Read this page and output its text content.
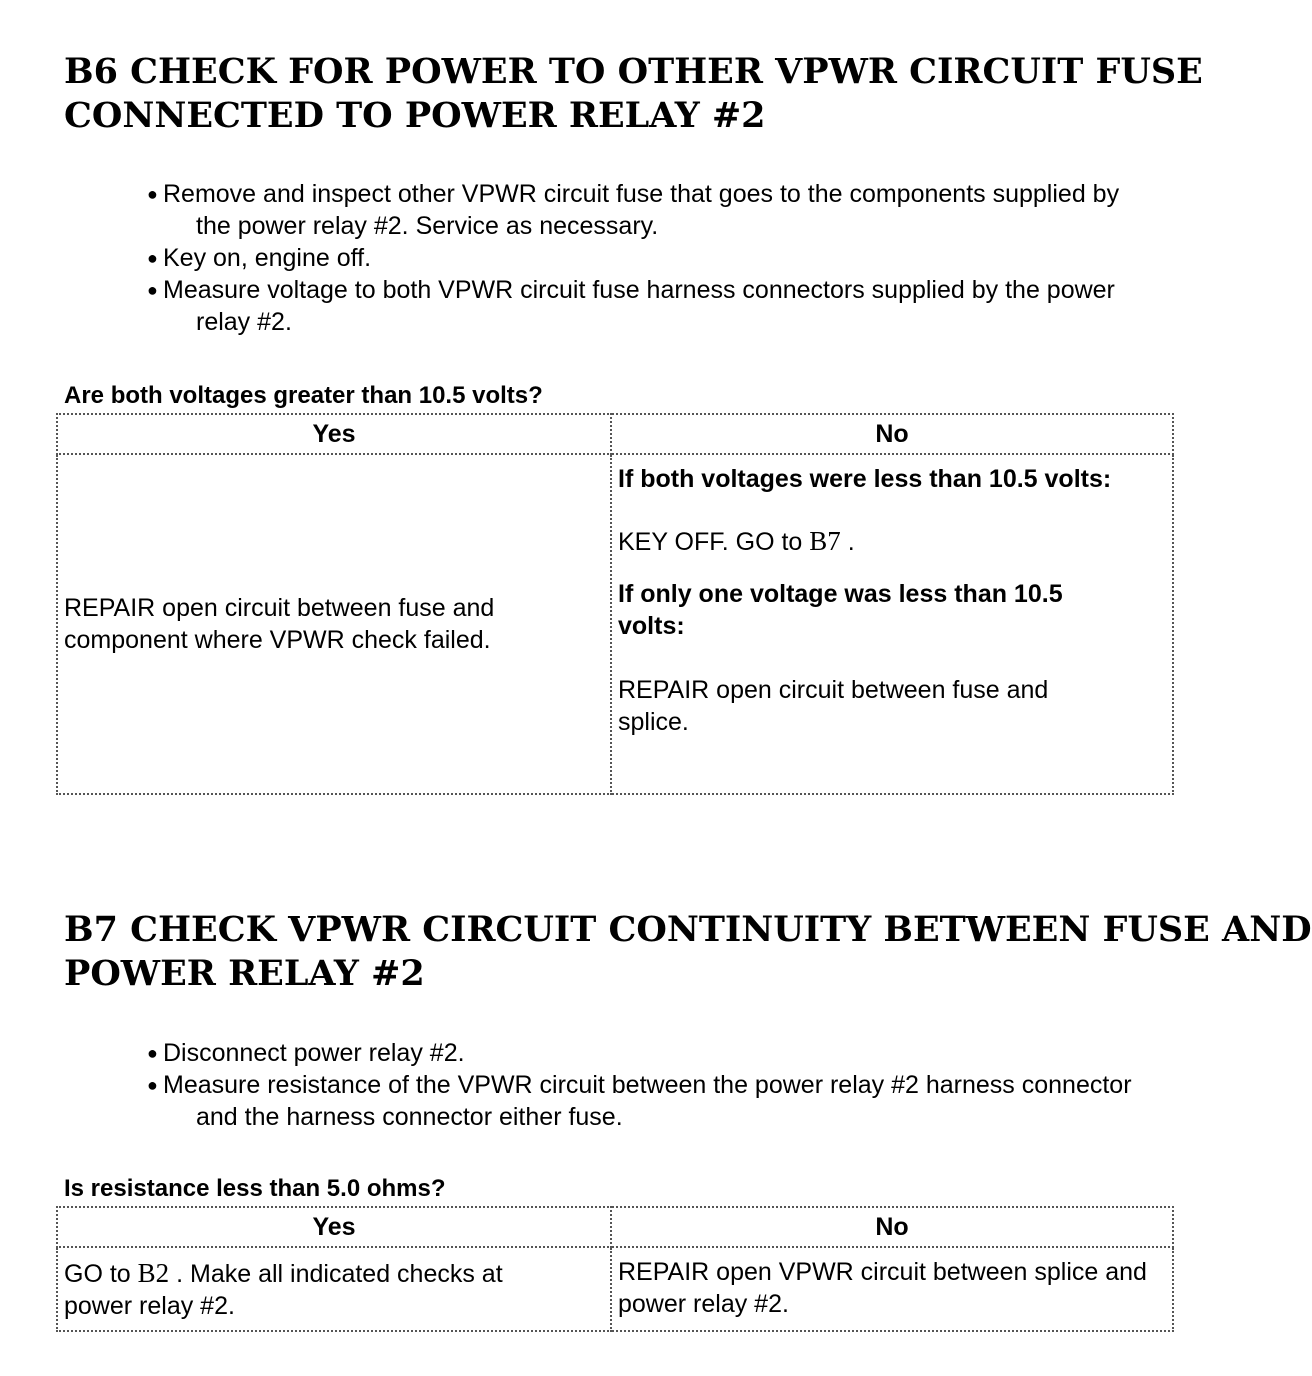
B6 CHECK FOR POWER TO OTHER VPWR CIRCUIT FUSE
CONNECTED TO POWER RELAY #2
● Remove and inspect other VPWR circuit fuse that goes to the components supplied by
the power relay #2. Service as necessary.
● Key on, engine off.
● Measure voltage to both VPWR circuit fuse harness connectors supplied by the power
relay #2.
Are both voltages greater than 10.5 volts?
Yes	No
REPAIR open circuit between fuse and component where VPWR check failed.	If both voltages were less than 10.5 volts:
KEY OFF. GO to B7 .
If only one voltage was less than 10.5 volts:
REPAIR open circuit between fuse and splice.
B7 CHECK VPWR CIRCUIT CONTINUITY BETWEEN FUSE AND
POWER RELAY #2
● Disconnect power relay #2.
● Measure resistance of the VPWR circuit between the power relay #2 harness connector
and the harness connector either fuse.
Is resistance less than 5.0 ohms?
Yes	No
GO to B2 . Make all indicated checks at power relay #2.	REPAIR open VPWR circuit between splice and power relay #2.
